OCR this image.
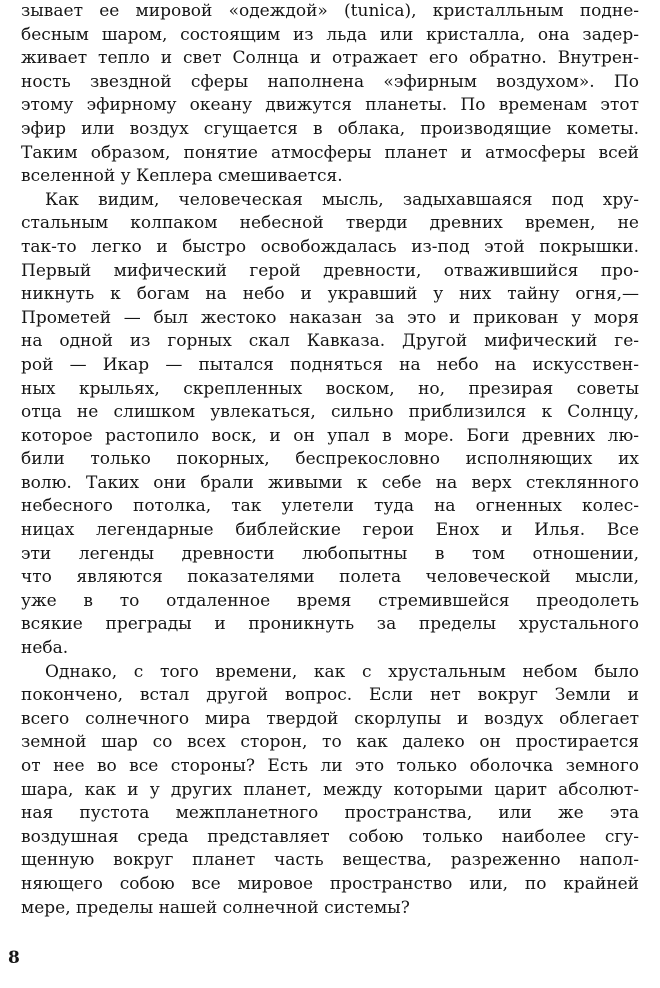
зывает ее мировой «одеждой» (tunica), кристалльным подне-
бесным шаром, состоящим из льда или кристалла, она задер-
живает тепло и свет Солнца и отражает его обратно. Внутрен-
ность звездной сферы наполнена «эфирным воздухом». По
этому эфирному океану движутся планеты. По временам этот
эфир или воздух сгущается в облака, производящие кометы.
Таким образом, понятие атмосферы планет и атмосферы всей
вселенной у Кеплера смешивается.
Как видим, человеческая мысль, задыхавшаяся под хру-
стальным колпаком небесной тверди древних времен, не
так-то легко и быстро освобождалась из-под этой покрышки.
Первый мифический герой древности, отважившийся про-
никнуть к богам на небо и укравший у них тайну огня,—
Прометей — был жестоко наказан за это и прикован у моря
на одной из горных скал Кавказа. Другой мифический ге-
рой — Икар — пытался подняться на небо на искусствен-
ных крыльях, скрепленных воском, но, презирая советы
отца не слишком увлекаться, сильно приблизился к Солнцу,
которое растопило воск, и он упал в море. Боги древних лю-
били только покорных, беспрекословно исполняющих их
волю. Таких они брали живыми к себе на верх стеклянного
небесного потолка, так улетели туда на огненных колес-
ницах легендарные библейские герои Енох и Илья. Все
эти легенды древности любопытны в том отношении,
что являются показателями полета человеческой мысли,
уже в то отдаленное время стремившейся преодолеть
всякие преграды и проникнуть за пределы хрустального
неба.
Однако, с того времени, как с хрустальным небом было
покончено, встал другой вопрос. Если нет вокруг Земли и
всего солнечного мира твердой скорлупы и воздух облегает
земной шар со всех сторон, то как далеко он простирается
от нее во все стороны? Есть ли это только оболочка земного
шара, как и у других планет, между которыми царит абсолют-
ная пустота межпланетного пространства, или же эта
воздушная среда представляет собою только наиболее сгу-
щенную вокруг планет часть вещества, разреженно напол-
няющего собою все мировое пространство или, по крайней
мере, пределы нашей солнечной системы?
8
